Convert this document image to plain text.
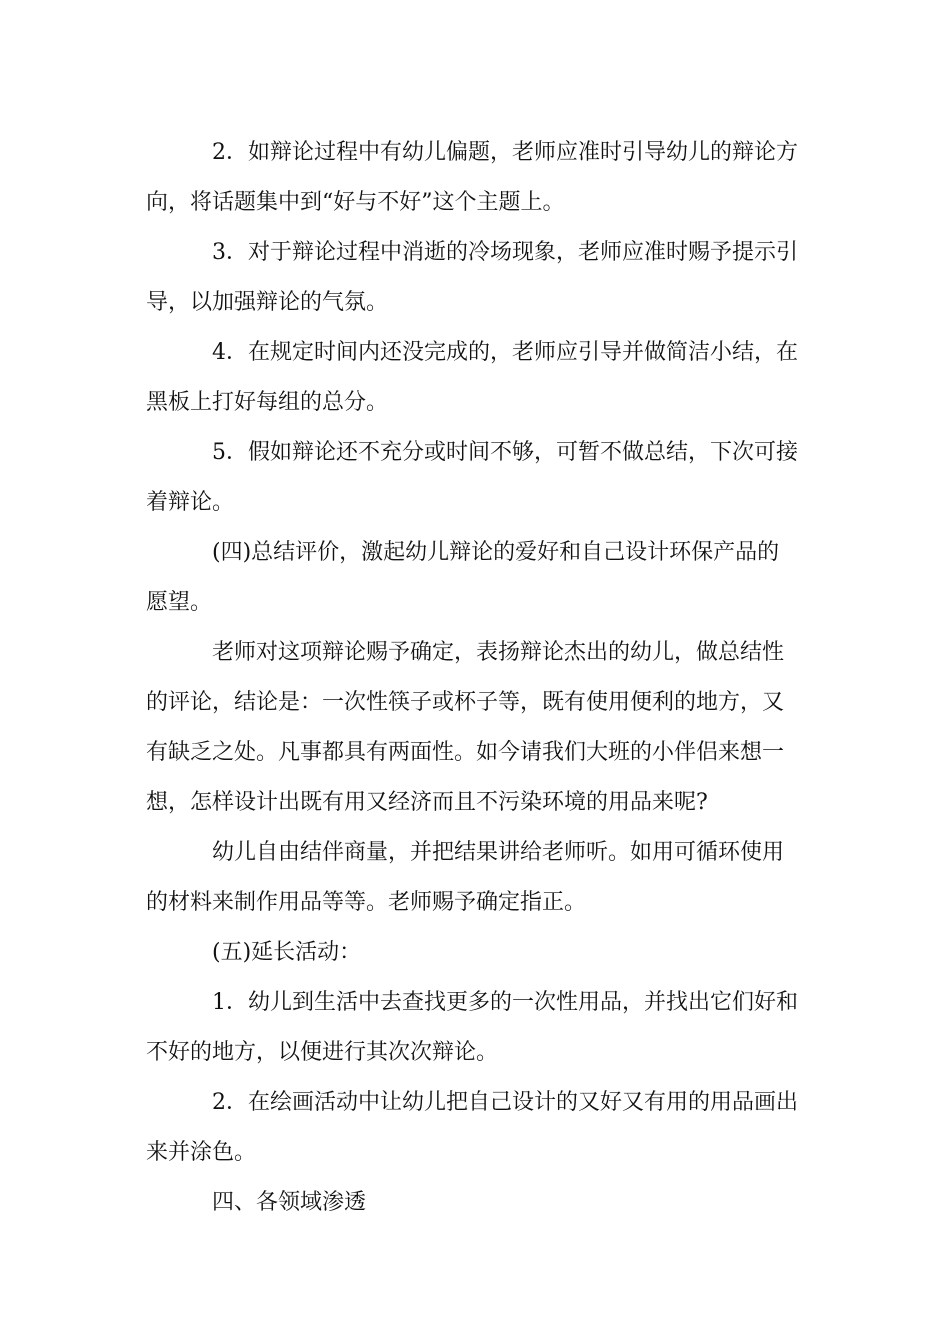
2．如辩论过程中有幼儿偏题，老师应准时引导幼儿的辩论方
向，将话题集中到“好与不好”这个主题上。
3．对于辩论过程中消逝的冷场现象，老师应准时赐予提示引
导，以加强辩论的气氛。
4．在规定时间内还没完成的，老师应引导并做简洁小结，在
黑板上打好每组的总分。
5．假如辩论还不充分或时间不够，可暂不做总结，下次可接
着辩论。
(四)总结评价，激起幼儿辩论的爱好和自己设计环保产品的
愿望。
老师对这项辩论赐予确定，表扬辩论杰出的幼儿，做总结性
的评论，结论是：一次性筷子或杯子等，既有使用便利的地方，又
有缺乏之处。凡事都具有两面性。如今请我们大班的小伴侣来想一
想，怎样设计出既有用又经济而且不污染环境的用品来呢?
幼儿自由结伴商量，并把结果讲给老师听。如用可循环使用
的材料来制作用品等等。老师赐予确定指正。
(五)延长活动：
1．幼儿到生活中去查找更多的一次性用品，并找出它们好和
不好的地方，以便进行其次次辩论。
2．在绘画活动中让幼儿把自己设计的又好又有用的用品画出
来并涂色。
四、各领域渗透
